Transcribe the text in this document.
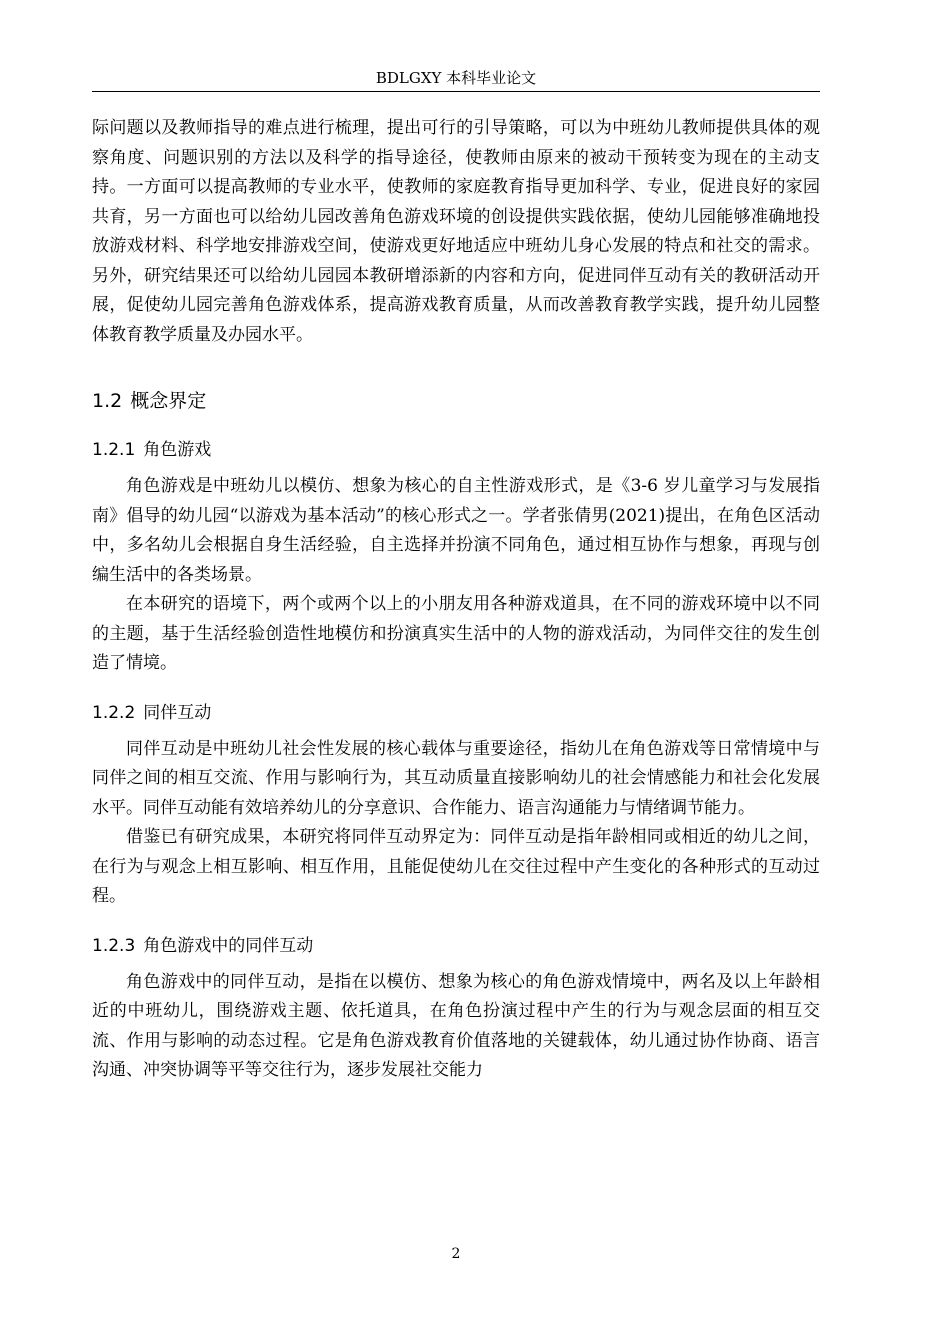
BDLGXY 本科毕业论文

际问题以及教师指导的难点进行梳理，提出可行的引导策略，可以为中班幼儿教师提供具体的观察角度、问题识别的方法以及科学的指导途径，使教师由原来的被动干预转变为现在的主动支持。一方面可以提高教师的专业水平，使教师的家庭教育指导更加科学、专业，促进良好的家园共育，另一方面也可以给幼儿园改善角色游戏环境的创设提供实践依据，使幼儿园能够准确地投放游戏材料、科学地安排游戏空间，使游戏更好地适应中班幼儿身心发展的特点和社交的需求。另外，研究结果还可以给幼儿园园本教研增添新的内容和方向，促进同伴互动有关的教研活动开展，促使幼儿园完善角色游戏体系，提高游戏教育质量，从而改善教育教学实践，提升幼儿园整体教育教学质量及办园水平。

1.2 概念界定
1.2.1 角色游戏

角色游戏是中班幼儿以模仿、想象为核心的自主性游戏形式，是《3-6 岁儿童学习与发展指南》倡导的幼儿园“以游戏为基本活动”的核心形式之一。学者张倩男(2021)提出，在角色区活动中，多名幼儿会根据自身生活经验，自主选择并扮演不同角色，通过相互协作与想象，再现与创编生活中的各类场景。

在本研究的语境下，两个或两个以上的小朋友用各种游戏道具，在不同的游戏环境中以不同的主题，基于生活经验创造性地模仿和扮演真实生活中的人物的游戏活动，为同伴交往的发生创造了情境。

1.2.2 同伴互动

同伴互动是中班幼儿社会性发展的核心载体与重要途径，指幼儿在角色游戏等日常情境中与同伴之间的相互交流、作用与影响行为，其互动质量直接影响幼儿的社会情感能力和社会化发展水平。同伴互动能有效培养幼儿的分享意识、合作能力、语言沟通能力与情绪调节能力。

借鉴已有研究成果，本研究将同伴互动界定为：同伴互动是指年龄相同或相近的幼儿之间，在行为与观念上相互影响、相互作用，且能促使幼儿在交往过程中产生变化的各种形式的互动过程。

1.2.3 角色游戏中的同伴互动

角色游戏中的同伴互动，是指在以模仿、想象为核心的角色游戏情境中，两名及以上年龄相近的中班幼儿，围绕游戏主题、依托道具，在角色扮演过程中产生的行为与观念层面的相互交流、作用与影响的动态过程。它是角色游戏教育价值落地的关键载体，幼儿通过协作协商、语言沟通、冲突协调等平等交往行为，逐步发展社交能力

2
